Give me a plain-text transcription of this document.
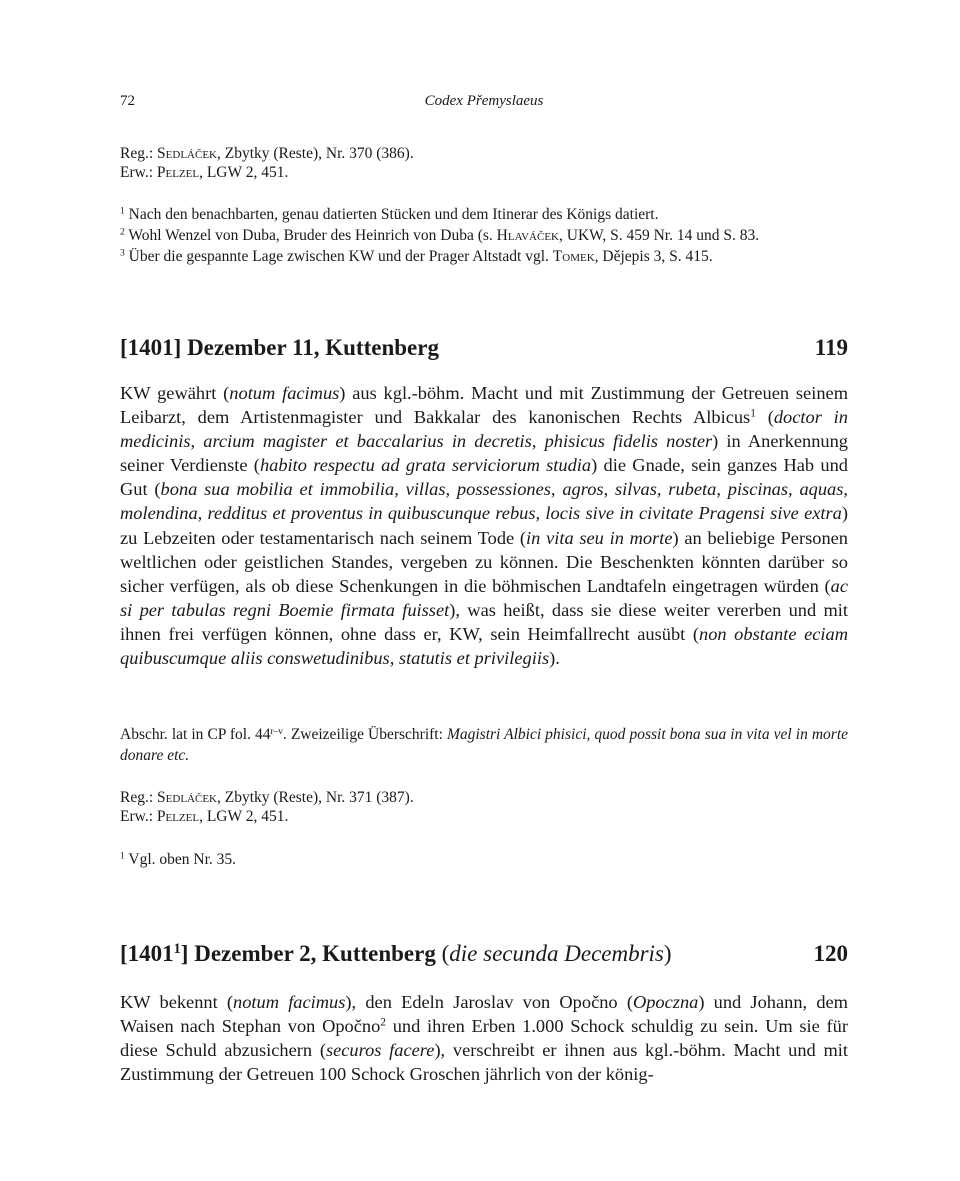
72	Codex Přemyslaeus
Reg.: Sedláček, Zbytky (Reste), Nr. 370 (386).
Erw.: Pelzel, LGW 2, 451.
$^1$ Nach den benachbarten, genau datierten Stücken und dem Itinerar des Königs datiert.
$^2$ Wohl Wenzel von Duba, Bruder des Heinrich von Duba (s. Hlaváček, UKW, S. 459 Nr. 14 und S. 83.
$^3$ Über die gespannte Lage zwischen KW und der Prager Altstadt vgl. Tomek, Dějepis 3, S. 415.
[1401] Dezember 11, Kuttenberg	119
KW gewährt (notum facimus) aus kgl.-böhm. Macht und mit Zustimmung der Getreuen seinem Leibarzt, dem Artistenmagister und Bakkalar des kanonischen Rechts Albicus$^1$ (doctor in medicinis, arcium magister et baccalarius in decretis, phisicus fidelis noster) in Anerkennung seiner Verdienste (habito respectu ad grata serviciorum studia) die Gnade, sein ganzes Hab und Gut (bona sua mobilia et immobilia, villas, possessiones, agros, silvas, rubeta, piscinas, aquas, molendina, redditus et proventus in quibuscunque rebus, locis sive in civitate Pragensi sive extra) zu Lebzeiten oder testamentarisch nach seinem Tode (in vita seu in morte) an beliebige Personen weltlichen oder geistlichen Standes, vergeben zu können. Die Beschenkten könnten darüber so sicher verfügen, als ob diese Schenkungen in die böhmischen Landtafeln eingetragen würden (ac si per tabulas regni Boemie firmata fuisset), was heißt, dass sie diese weiter vererben und mit ihnen frei verfügen können, ohne dass er, KW, sein Heimfallrecht ausübt (non obstante eciam quibuscumque aliis conswetudinibus, statutis et privilegiis).
Abschr. lat in CP fol. 44$^{r-v}$. Zweizeilige Überschrift: Magistri Albici phisici, quod possit bona sua in vita vel in morte donare etc.
Reg.: Sedláček, Zbytky (Reste), Nr. 371 (387).
Erw.: Pelzel, LGW 2, 451.
$^1$ Vgl. oben Nr. 35.
[1401$^1$] Dezember 2, Kuttenberg (die secunda Decembris)	120
KW bekennt (notum facimus), den Edeln Jaroslav von Opočno (Opoczna) und Johann, dem Waisen nach Stephan von Opočno$^2$ und ihren Erben 1.000 Schock schuldig zu sein. Um sie für diese Schuld abzusichern (securos facere), verschreibt er ihnen aus kgl.-böhm. Macht und mit Zustimmung der Getreuen 100 Schock Groschen jährlich von der könig-
